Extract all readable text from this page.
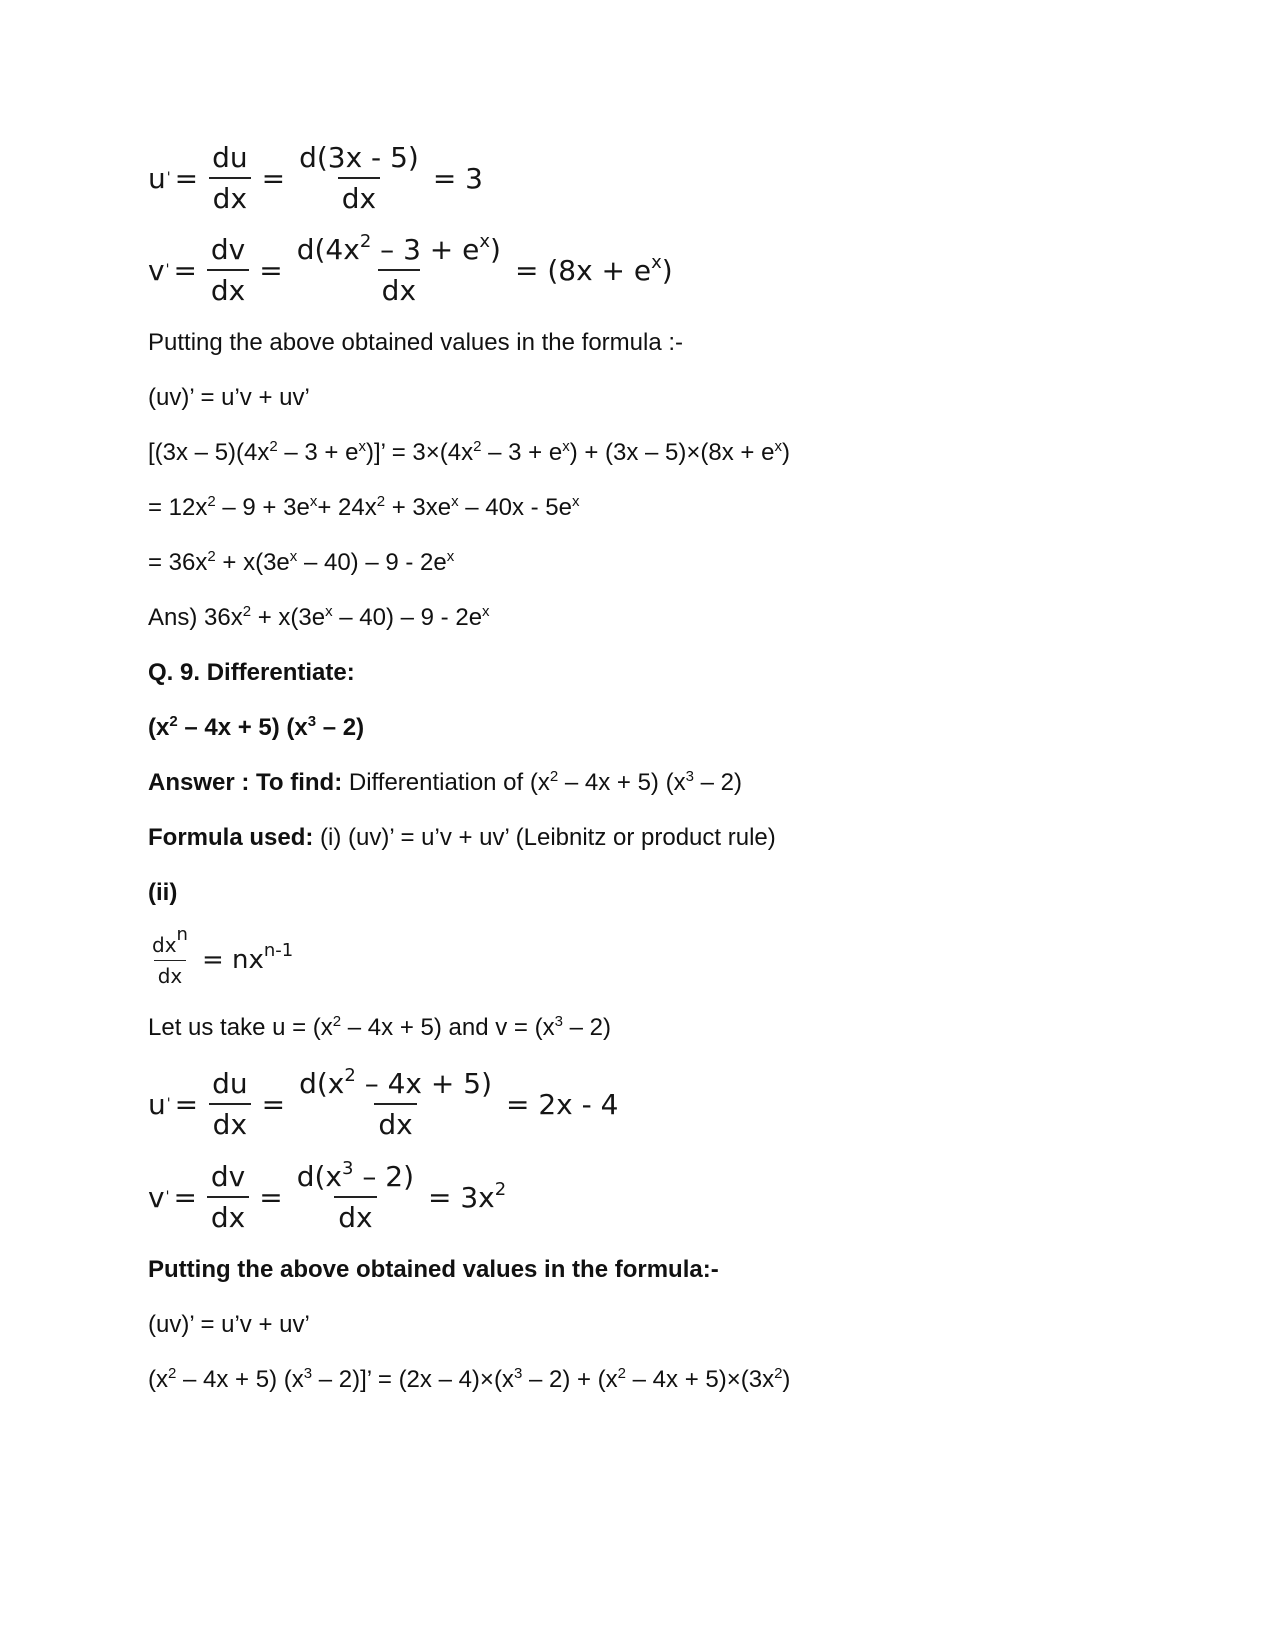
u ' = $\frac{du}{dx} = \frac{d(3x - 5)}{dx} = 3$
v ' = $\frac{dv}{dx} = \frac{d(4x^2 - 3 + e^x)}{dx} = (8x + e^x)$
Putting the above obtained values in the formula :-
(uv)’ = u’v + uv’
$[(3x - 5)(4x^2 - 3 + e^x)]$’ = $3\times(4x^2 - 3 + e^x) + (3x - 5)\times(8x + e^x)$
= $12x^2 - 9 + 3e^x+ 24x^2 + 3xe^x - 40x - 5e^x$
= $36x^2 + x(3e^x - 40) - 9 - 2e^x$
Ans) $36x^2 + x(3e^x - 40) - 9 - 2e^x$
Q. 9. Differentiate:
$(x^2 - 4x + 5)$ $(x^3 - 2)$
Answer : To find: Differentiation of $(x^2 - 4x + 5)$ $(x^3 - 2)$
Formula used: (i) (uv)’ = u’v + uv’ (Leibnitz or product rule)
(ii)
$\frac{dx^n}{dx} = nx^{n-1}$
Let us take $u = (x^2 - 4x + 5)$ and $v = (x^3 - 2)$
u ' = $\frac{du}{dx} = \frac{d(x^2 - 4x + 5)}{dx} = 2x - 4$
v ' = $\frac{dv}{dx} = \frac{d(x^3 - 2)}{dx} = 3x^2$
Putting the above obtained values in the formula:-
(uv)’ = u’v + uv’
$(x^2 - 4x + 5)$ $(x^3 - 2)$]’ = $(2x - 4)\times(x^3 - 2) + (x^2 - 4x + 5)\times(3x^2)$
